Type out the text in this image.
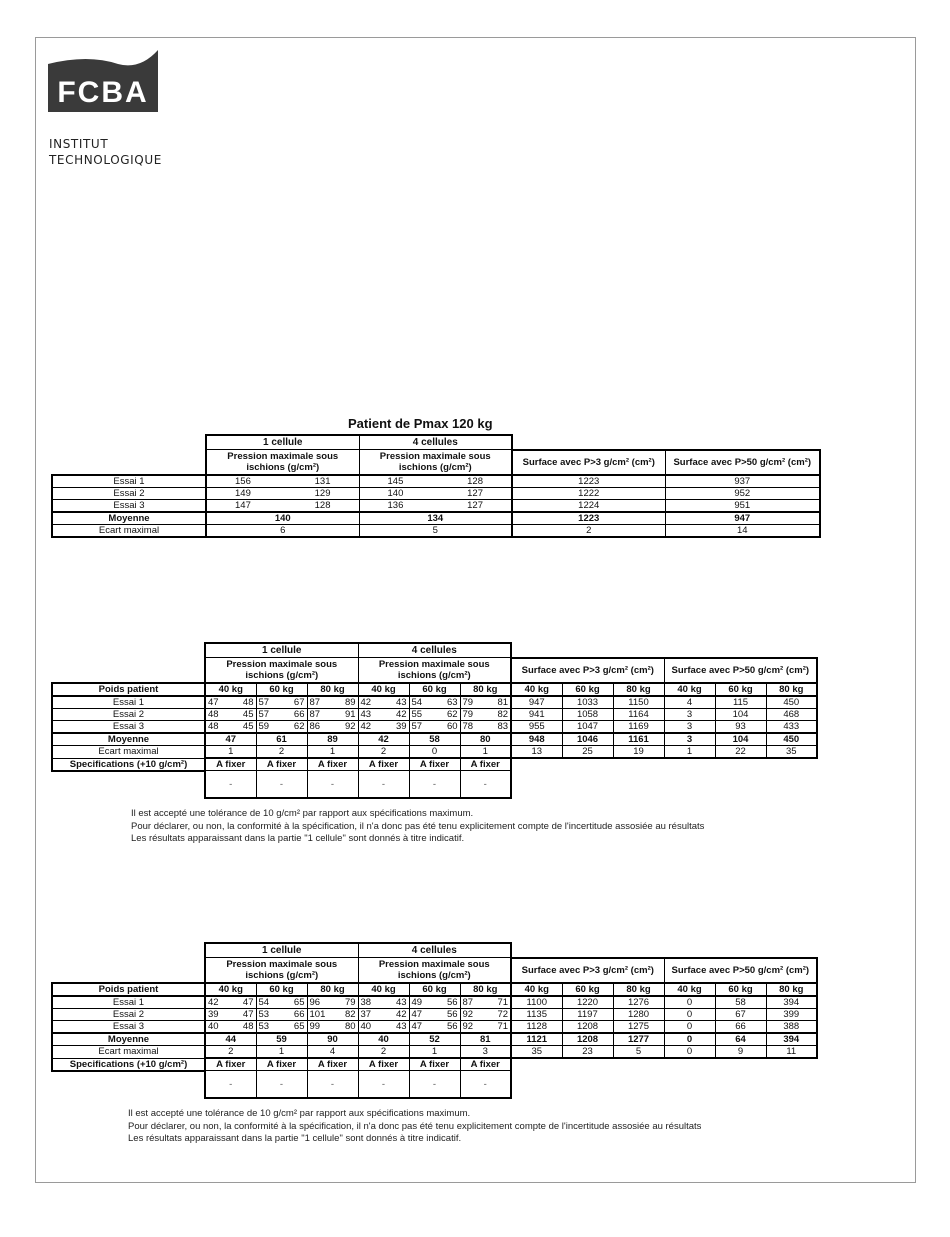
FCBA
INSTITUT
TECHNOLOGIQUE
Patient de Pmax 120 kg
	1 cellule	4 cellules		
	Pression maximale sous ischions (g/cm²)	Pression maximale sous ischions (g/cm²)	Surface avec P>3 g/cm² (cm²)	Surface avec P>50 g/cm² (cm²)
Essai 1	156 131	145 128	1223	937
Essai 2	149 129	140 127	1222	952
Essai 3	147 128	136 127	1224	951
Moyenne	140	134	1223	947
Ecart maximal	6	5	2	14
	1 cellule			4 cellules								
	Pression maximale sous ischions (g/cm²)			Pression maximale sous ischions (g/cm²)			Surface avec P>3 g/cm² (cm²)			Surface avec P>50 g/cm² (cm²)		
Poids patient	40 kg	60 kg	80 kg	40 kg	60 kg	80 kg	40 kg	60 kg	80 kg	40 kg	60 kg	80 kg
Essai 1	47 48	57 67	87 89	42 43	54 63	79 81	947	1033	1150	4	115	450
Essai 2	48 45	57 66	87 91	43 42	55 62	79 82	941	1058	1164	3	104	468
Essai 3	48 45	59 62	86 92	42 39	57 60	78 83	955	1047	1169	3	93	433
Moyenne	47	61	89	42	58	80	948	1046	1161	3	104	450
Ecart maximal	1	2	1	2	0	1	13	25	19	1	22	35
Specifications (+10 g/cm²)	A fixer	A fixer	A fixer	A fixer	A fixer	A fixer						
	-	-	-	-	-	-						
Il est accepté une tolérance de 10 g/cm² par rapport aux spécifications maximum.
Pour déclarer, ou non, la conformité à la spécification, il n'a donc pas été tenu explicitement compte de l'incertitude assosiée au résultats
Les résultats apparaissant dans la partie "1 cellule" sont donnés à titre indicatif.
	1 cellule			4 cellules								
	Pression maximale sous ischions (g/cm²)			Pression maximale sous ischions (g/cm²)			Surface avec P>3 g/cm² (cm²)			Surface avec P>50 g/cm² (cm²)		
Poids patient	40 kg	60 kg	80 kg	40 kg	60 kg	80 kg	40 kg	60 kg	80 kg	40 kg	60 kg	80 kg
Essai 1	42 47	54 65	96 79	38 43	49 56	87 71	1100	1220	1276	0	58	394
Essai 2	39 47	53 66	101 82	37 42	47 56	92 72	1135	1197	1280	0	67	399
Essai 3	40 48	53 65	99 80	40 43	47 56	92 71	1128	1208	1275	0	66	388
Moyenne	44	59	90	40	52	81	1121	1208	1277	0	64	394
Ecart maximal	2	1	4	2	1	3	35	23	5	0	9	11
Specifications (+10 g/cm²)	A fixer	A fixer	A fixer	A fixer	A fixer	A fixer						
	-	-	-	-	-	-						
Il est accepté une tolérance de 10 g/cm² par rapport aux spécifications maximum.
Pour déclarer, ou non, la conformité à la spécification, il n'a donc pas été tenu explicitement compte de l'incertitude assosiée au résultats
Les résultats apparaissant dans la partie "1 cellule" sont donnés à titre indicatif.
